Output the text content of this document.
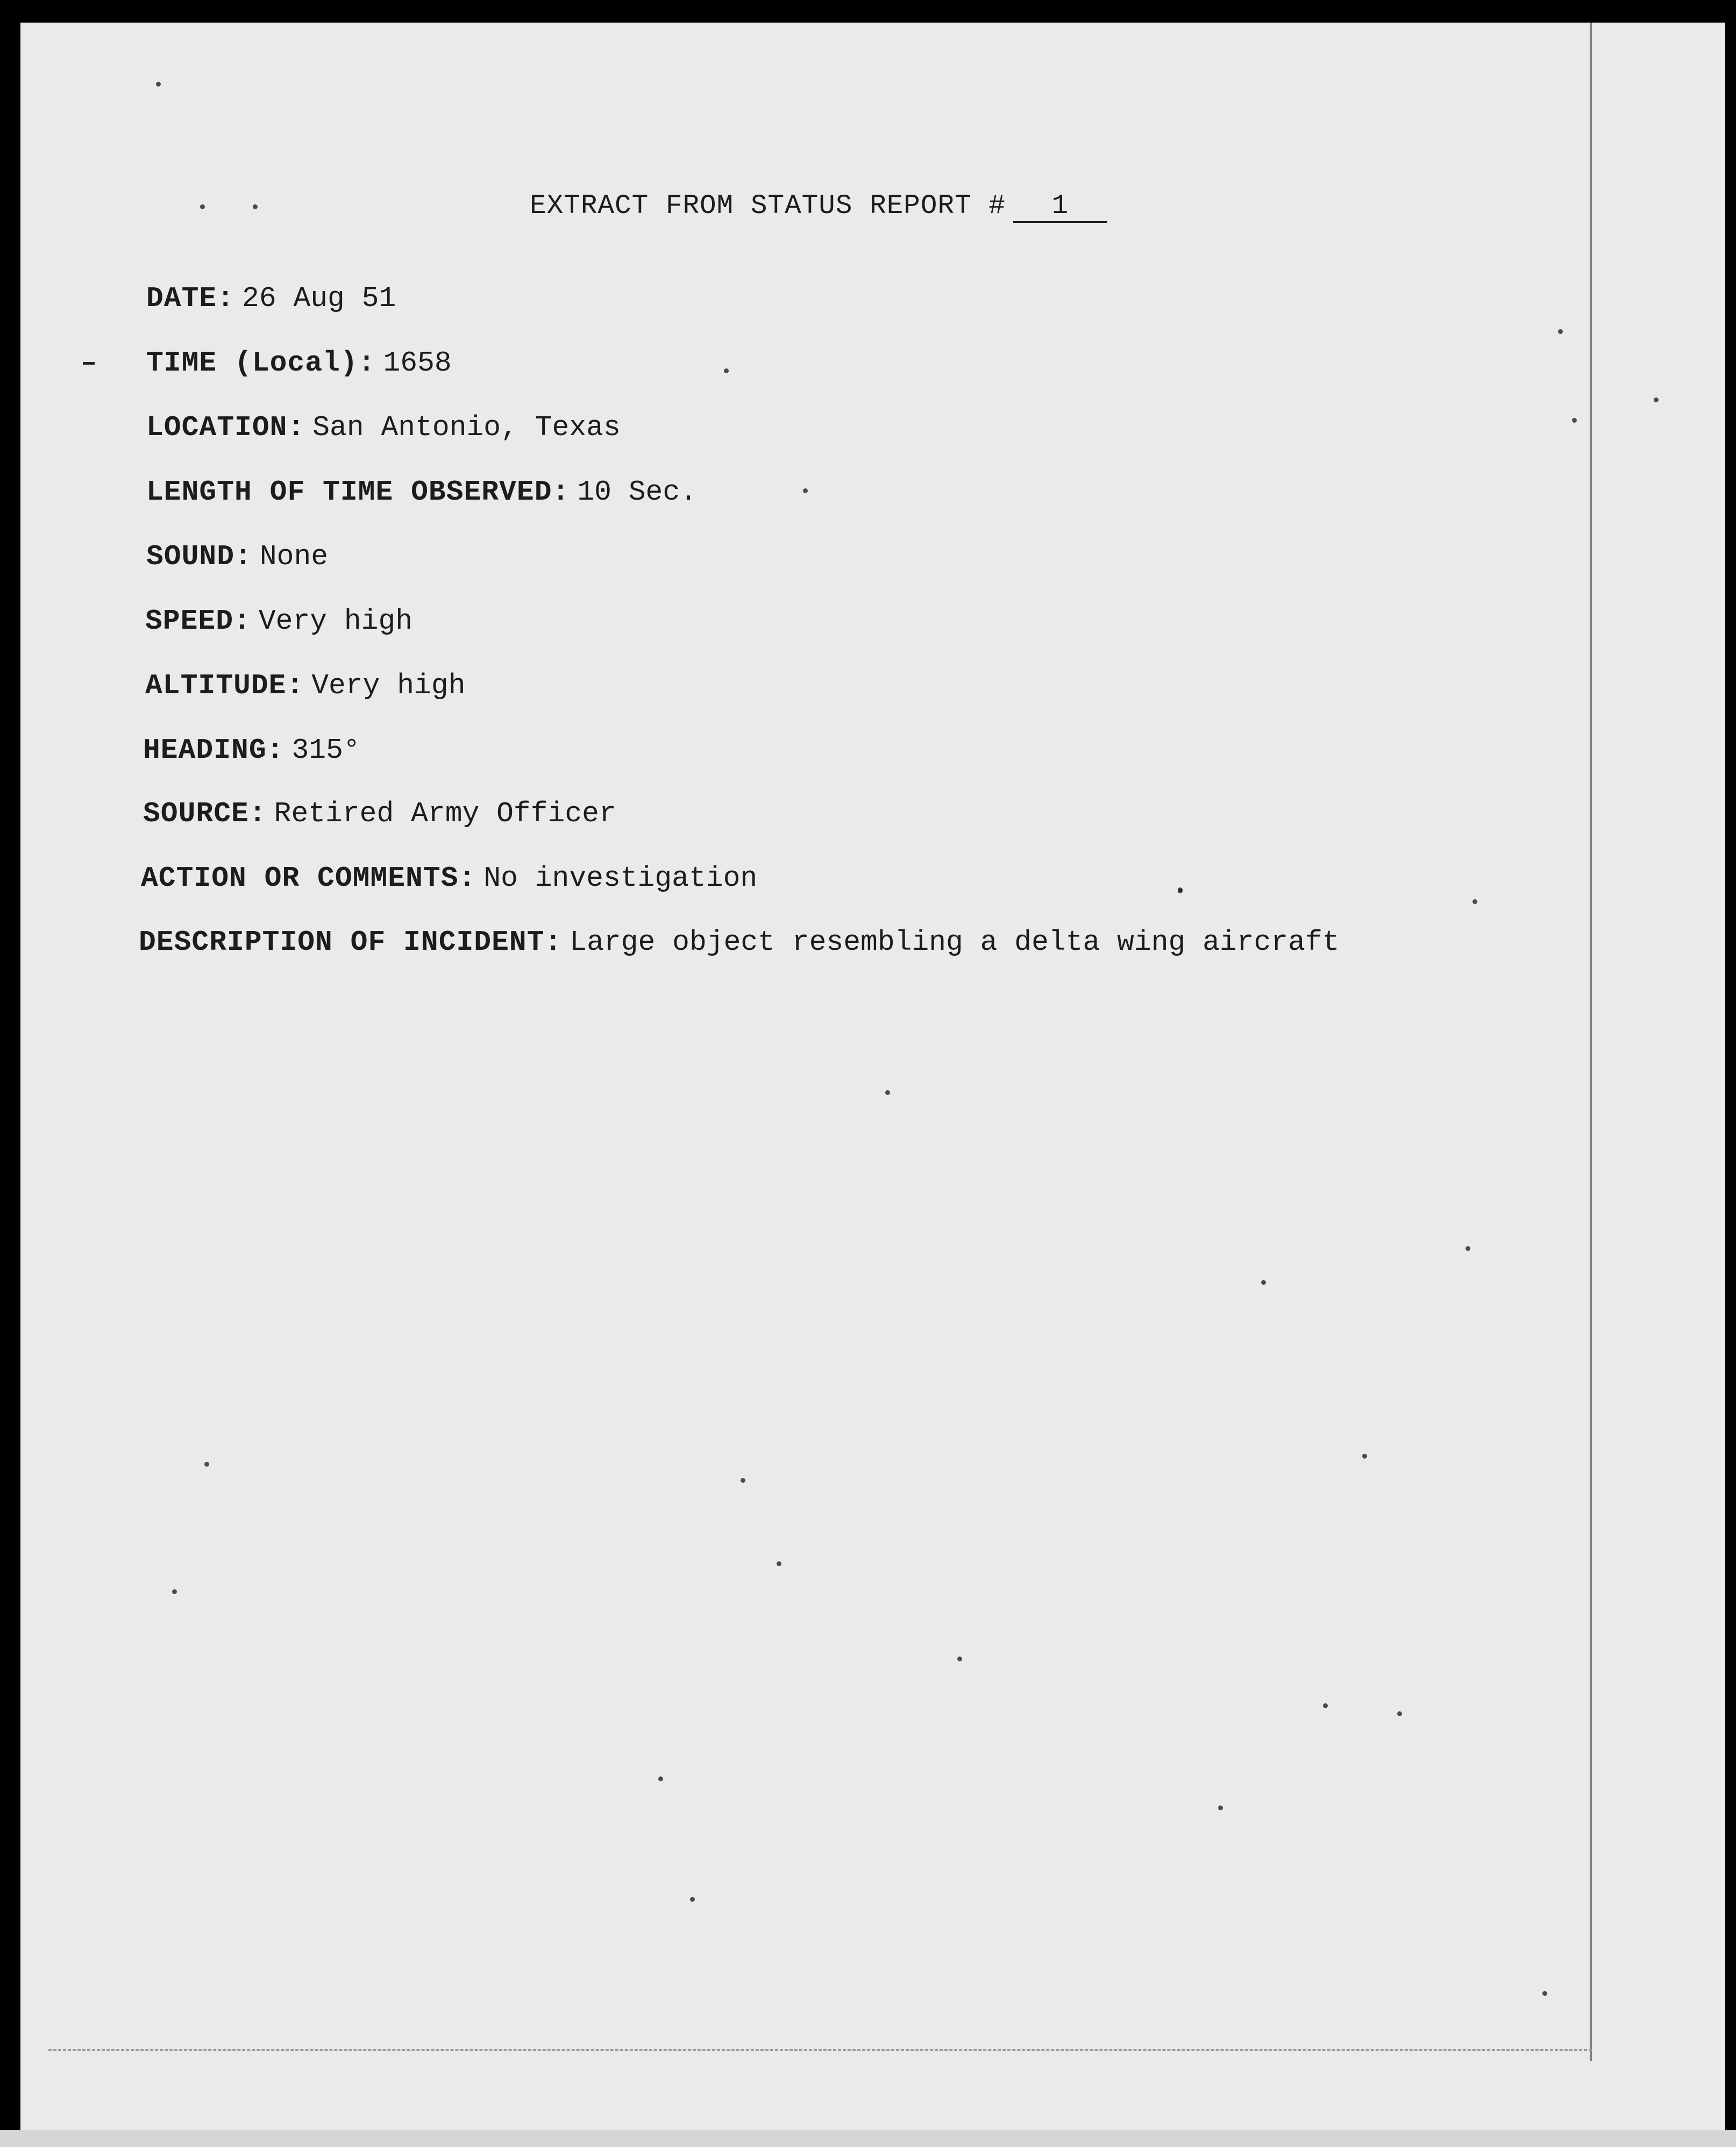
EXTRACT FROM STATUS REPORT # 1
DATE: 26 Aug 51
TIME (Local): 1658
LOCATION: San Antonio, Texas
LENGTH OF TIME OBSERVED: 10 Sec.
SOUND: None
SPEED: Very high
ALTITUDE: Very high
HEADING: 315°
SOURCE: Retired Army Officer
ACTION OR COMMENTS: No investigation
DESCRIPTION OF INCIDENT: Large object resembling a delta wing aircraft
